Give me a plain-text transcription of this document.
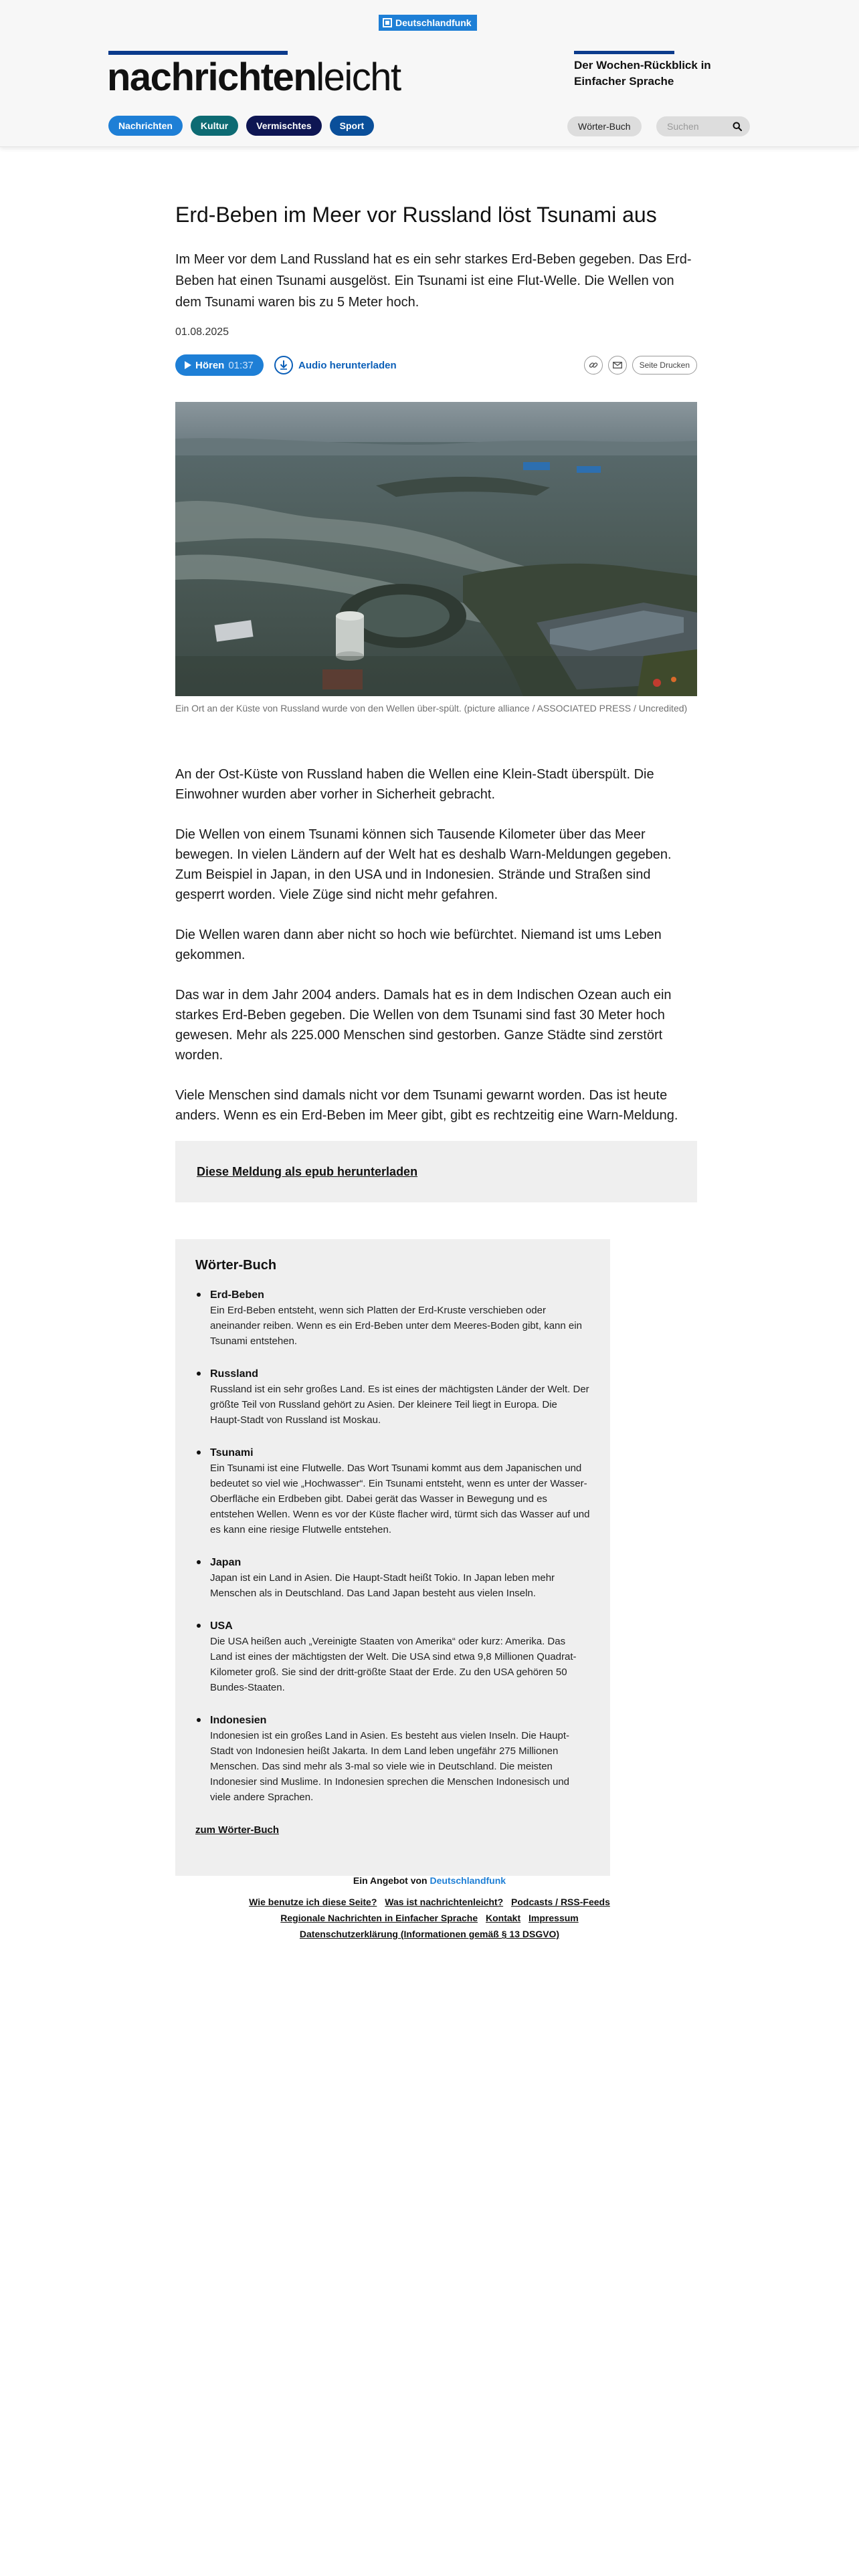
Deutschlandfunk
nachrichtenleicht	Der Wochen-Rückblick in Einfacher Sprache
Nachrichten	Kultur	Vermischtes	Sport	Wörter-Buch
Suchen
Erd-Beben im Meer vor Russland löst Tsunami aus

Im Meer vor dem Land Russland hat es ein sehr starkes Erd-Beben gegeben. Das Erd-Beben hat einen Tsunami ausgelöst. Ein Tsunami ist eine Flut-Welle. Die Wellen von dem Tsunami waren bis zu 5 Meter hoch.

01.08.2025
Hören 01:37	Audio herunterladen	Seite Drucken

Ein Ort an der Küste von Russland wurde von den Wellen über-spült. (picture alliance / ASSOCIATED PRESS / Uncredited)

An der Ost-Küste von Russland haben die Wellen eine Klein-Stadt überspült. Die Einwohner wurden aber vorher in Sicherheit gebracht.

Die Wellen von einem Tsunami können sich Tausende Kilometer über das Meer bewegen. In vielen Ländern auf der Welt hat es deshalb Warn-Meldungen gegeben. Zum Beispiel in Japan, in den USA und in Indonesien. Strände und Straßen sind gesperrt worden. Viele Züge sind nicht mehr gefahren.

Die Wellen waren dann aber nicht so hoch wie befürchtet. Niemand ist ums Leben gekommen.

Das war in dem Jahr 2004 anders. Damals hat es in dem Indischen Ozean auch ein starkes Erd-Beben gegeben. Die Wellen von dem Tsunami sind fast 30 Meter hoch gewesen. Mehr als 225.000 Menschen sind gestorben. Ganze Städte sind zerstört worden.

Viele Menschen sind damals nicht vor dem Tsunami gewarnt worden. Das ist heute anders. Wenn es ein Erd-Beben im Meer gibt, gibt es rechtzeitig eine Warn-Meldung.

Diese Meldung als epub herunterladen
Wörter-Buch
Erd-Beben
Ein Erd-Beben entsteht, wenn sich Platten der Erd-Kruste verschieben oder aneinander reiben. Wenn es ein Erd-Beben unter dem Meeres-Boden gibt, kann ein Tsunami entstehen.
Russland
Russland ist ein sehr großes Land. Es ist eines der mächtigsten Länder der Welt. Der größte Teil von Russland gehört zu Asien. Der kleinere Teil liegt in Europa. Die Haupt-Stadt von Russland ist Moskau.
Tsunami
Ein Tsunami ist eine Flutwelle. Das Wort Tsunami kommt aus dem Japanischen und bedeutet so viel wie „Hochwasser“. Ein Tsunami entsteht, wenn es unter der Wasser-Oberfläche ein Erdbeben gibt. Dabei gerät das Wasser in Bewegung und es entstehen Wellen. Wenn es vor der Küste flacher wird, türmt sich das Wasser auf und es kann eine riesige Flutwelle entstehen.
Japan
Japan ist ein Land in Asien. Die Haupt-Stadt heißt Tokio. In Japan leben mehr Menschen als in Deutschland. Das Land Japan besteht aus vielen Inseln.
USA
Die USA heißen auch „Vereinigte Staaten von Amerika“ oder kurz: Amerika. Das Land ist eines der mächtigsten der Welt. Die USA sind etwa 9,8 Millionen Quadrat-Kilometer groß. Sie sind der dritt-größte Staat der Erde. Zu den USA gehören 50 Bundes-Staaten.
Indonesien
Indonesien ist ein großes Land in Asien. Es besteht aus vielen Inseln. Die Haupt-Stadt von Indonesien heißt Jakarta. In dem Land leben ungefähr 275 Millionen Menschen. Das sind mehr als 3-mal so viele wie in Deutschland. Die meisten Indonesier sind Muslime. In Indonesien sprechen die Menschen Indonesisch und viele andere Sprachen.
zum Wörter-Buch
Ein Angebot von Deutschlandfunk
Wie benutze ich diese Seite? Was ist nachrichtenleicht? Podcasts / RSS-Feeds
Regionale Nachrichten in Einfacher Sprache Kontakt Impressum
Datenschutzerklärung (Informationen gemäß § 13 DSGVO)
